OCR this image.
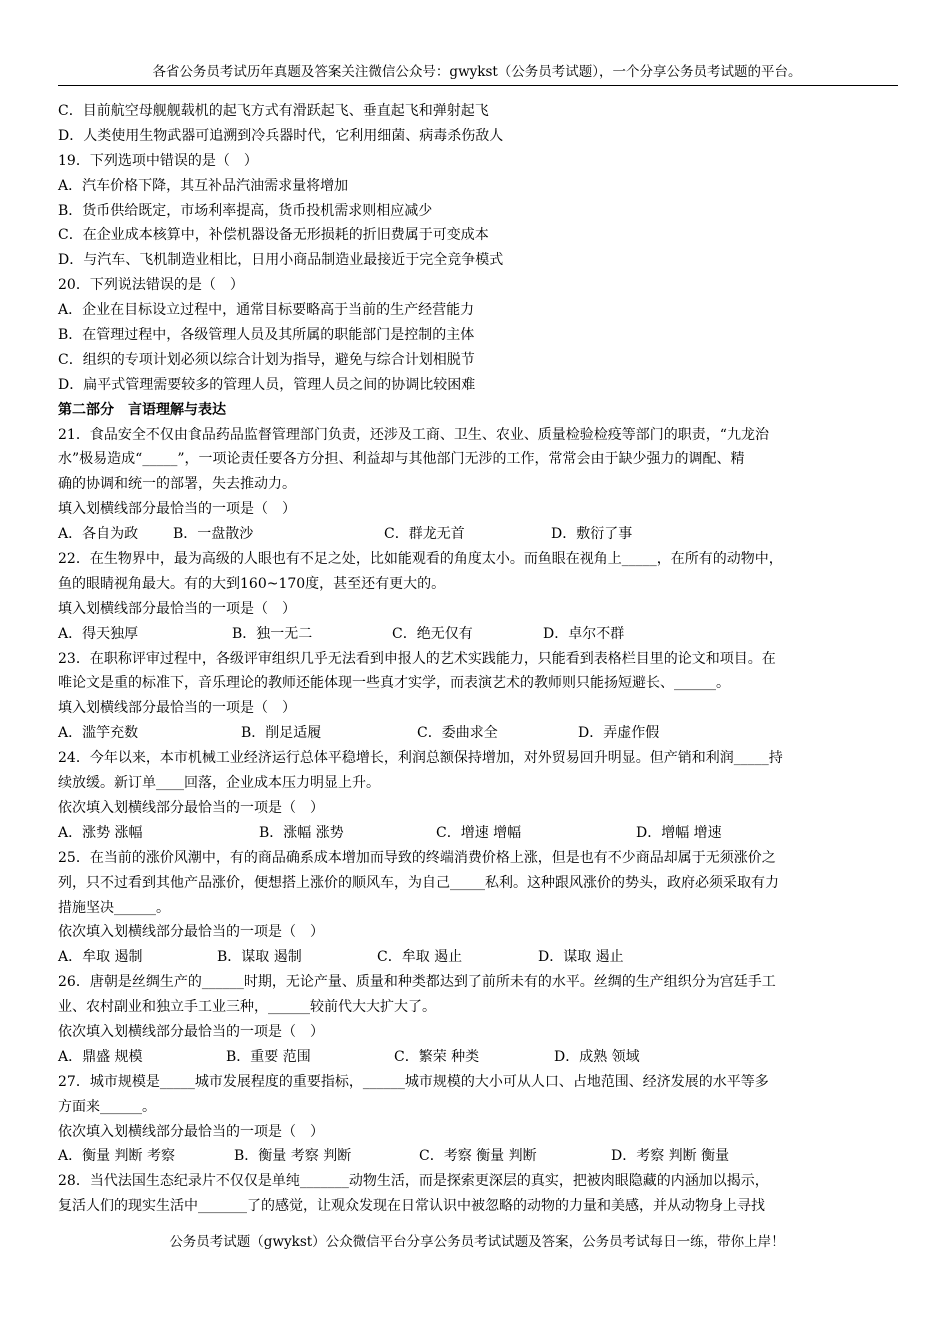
各省公务员考试历年真题及答案关注微信公众号：gwykst（公务员考试题），一个分享公务员考试题的平台。
C．目前航空母舰舰载机的起飞方式有滑跃起飞、垂直起飞和弹射起飞
D．人类使用生物武器可追溯到冷兵器时代，它利用细菌、病毒杀伤敌人
19．下列选项中错误的是（　）
A．汽车价格下降，其互补品汽油需求量将增加
B．货币供给既定，市场利率提高，货币投机需求则相应减少
C．在企业成本核算中，补偿机器设备无形损耗的折旧费属于可变成本
D．与汽车、飞机制造业相比，日用小商品制造业最接近于完全竞争模式
20．下列说法错误的是（　）
A．企业在目标设立过程中，通常目标要略高于当前的生产经营能力
B．在管理过程中，各级管理人员及其所属的职能部门是控制的主体
C．组织的专项计划必须以综合计划为指导，避免与综合计划相脱节
D．扁平式管理需要较多的管理人员，管理人员之间的协调比较困难
第二部分　言语理解与表达
21．食品安全不仅由食品药品监督管理部门负责，还涉及工商、卫生、农业、质量检验检疫等部门的职责，“九龙治
水”极易造成“_____”，一项论责任要各方分担、利益却与其他部门无涉的工作，常常会由于缺少强力的调配、精
确的协调和统一的部署，失去推动力。
填入划横线部分最恰当的一项是（　）
A．各自为政	B．一盘散沙	C．群龙无首	D．敷衍了事
22．在生物界中，最为高级的人眼也有不足之处，比如能观看的角度太小。而鱼眼在视角上_____，在所有的动物中，
鱼的眼睛视角最大。有的大到160~170度，甚至还有更大的。
填入划横线部分最恰当的一项是（　）
A．得天独厚	B．独一无二	C．绝无仅有	D．卓尔不群
23．在职称评审过程中，各级评审组织几乎无法看到申报人的艺术实践能力，只能看到表格栏目里的论文和项目。在
唯论文是重的标准下，音乐理论的教师还能体现一些真才实学，而表演艺术的教师则只能扬短避长、______。
填入划横线部分最恰当的一项是（　）
A．滥竽充数	B．削足适履	C．委曲求全	D．弄虚作假
24．今年以来，本市机械工业经济运行总体平稳增长，利润总额保持增加，对外贸易回升明显。但产销和利润_____持
续放缓。新订单____回落，企业成本压力明显上升。
依次填入划横线部分最恰当的一项是（　）
A．涨势 涨幅	B．涨幅 涨势	C．增速 增幅	D．增幅 增速
25．在当前的涨价风潮中，有的商品确系成本增加而导致的终端消费价格上涨，但是也有不少商品却属于无须涨价之
列，只不过看到其他产品涨价，便想搭上涨价的顺风车，为自己_____私利。这种跟风涨价的势头，政府必须采取有力
措施坚决______。
依次填入划横线部分最恰当的一项是（　）
A．牟取 遏制	B．谋取 遏制	C．牟取 遏止	D．谋取 遏止
26．唐朝是丝绸生产的______时期，无论产量、质量和种类都达到了前所未有的水平。丝绸的生产组织分为宫廷手工
业、农村副业和独立手工业三种，______较前代大大扩大了。
依次填入划横线部分最恰当的一项是（　）
A．鼎盛 规模	B．重要 范围	C．繁荣 种类	D．成熟 领域
27．城市规模是_____城市发展程度的重要指标，______城市规模的大小可从人口、占地范围、经济发展的水平等多
方面来______。
依次填入划横线部分最恰当的一项是（　）
A．衡量 判断 考察	B．衡量 考察 判断	C．考察 衡量 判断	D．考察 判断 衡量
28．当代法国生态纪录片不仅仅是单纯_______动物生活，而是探索更深层的真实，把被肉眼隐藏的内涵加以揭示，
复活人们的现实生活中_______了的感觉，让观众发现在日常认识中被忽略的动物的力量和美感，并从动物身上寻找
公务员考试题（gwykst）公众微信平台分享公务员考试试题及答案，公务员考试每日一练，带你上岸！
